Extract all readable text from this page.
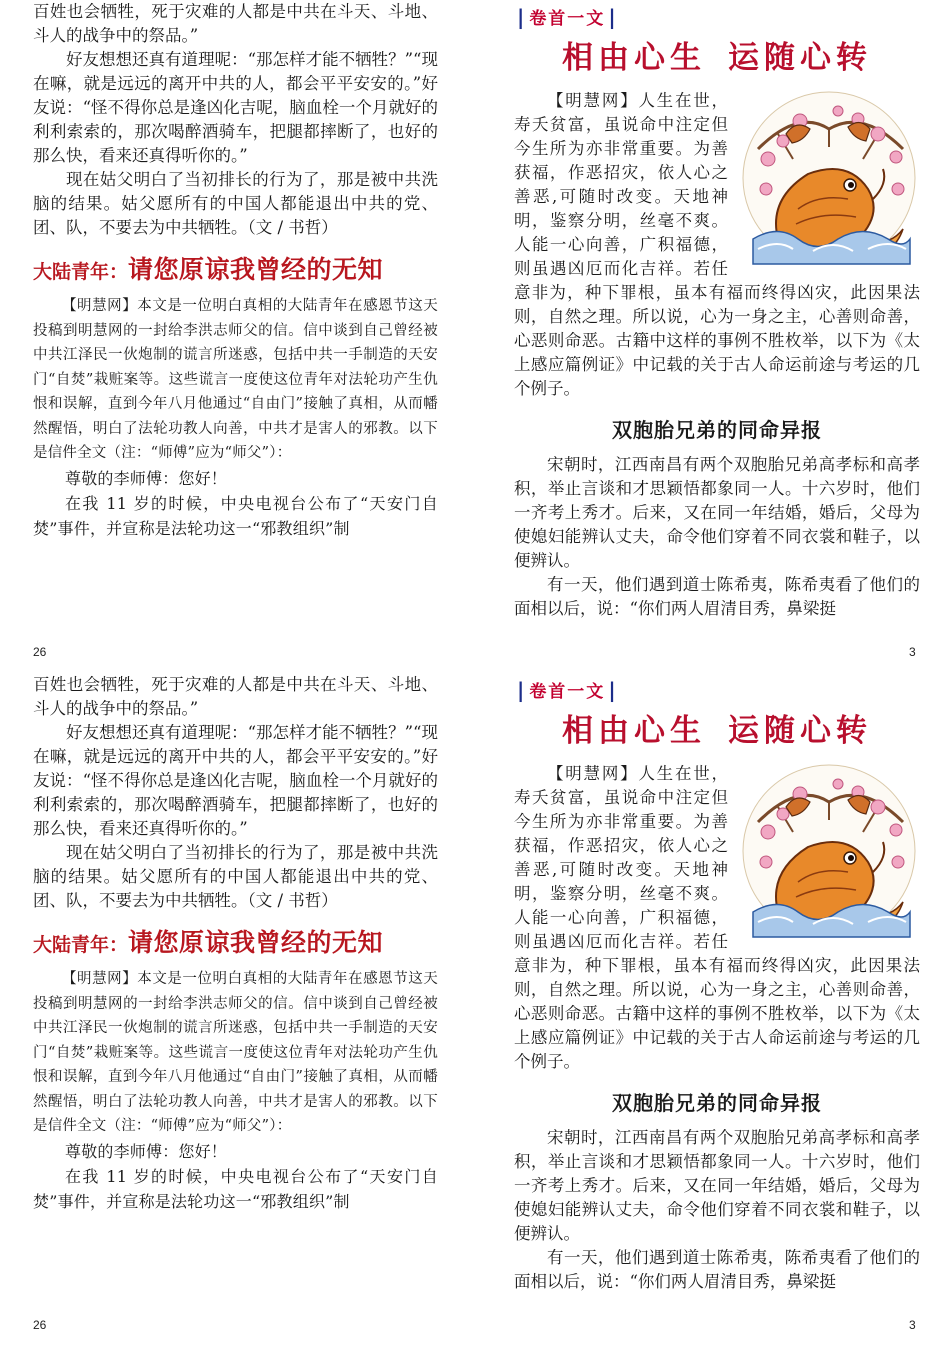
百姓也会牺牲，死于灾难的人都是中共在斗天、斗地、斗人的战争中的祭品。”

好友想想还真有道理呢：“那怎样才能不牺牲？”“现在嘛，就是远远的离开中共的人，都会平平安安的。”好友说：“怪不得你总是逢凶化吉呢，脑血栓一个月就好的利利索索的，那次喝醉酒骑车，把腿都摔断了，也好的那么快，看来还真得听你的。”

现在姑父明白了当初排长的行为了，那是被中共洗脑的结果。姑父愿所有的中国人都能退出中共的党、团、队，不要去为中共牺牲。（文 / 书哲）

大陆青年：请您原谅我曾经的无知

【明慧网】本文是一位明白真相的大陆青年在感恩节这天投稿到明慧网的一封给李洪志师父的信。信中谈到自己曾经被中共江泽民一伙炮制的谎言所迷惑，包括中共一手制造的天安门“自焚”栽赃案等。这些谎言一度使这位青年对法轮功产生仇恨和误解，直到今年八月他通过“自由门”接触了真相，从而幡然醒悟，明白了法轮功教人向善，中共才是害人的邪教。以下是信件全文（注：“师傅”应为“师父”）：

尊敬的李师傅：您好！

在我 11 岁的时候，中央电视台公布了“天安门自焚”事件，并宣称是法轮功这一“邪教组织”制

26
| 卷首一文 |
相由心生 运随心转

【明慧网】人生在世，寿夭贫富，虽说命中注定但今生所为亦非常重要。为善获福，作恶招灾，依人心之善恶,可随时改变。天地神明，鉴察分明，丝毫不爽。人能一心向善，广积福德，则虽遇凶厄而化吉祥。若任意非为，种下罪根，虽本有福而终得凶灾，此因果法则，自然之理。所以说，心为一身之主，心善则命善，心恶则命恶。古籍中这样的事例不胜枚举，以下为《太上感应篇例证》中记载的关于古人命运前途与考运的几个例子。

双胞胎兄弟的同命异报

宋朝时，江西南昌有两个双胞胎兄弟高孝标和高孝积，举止言谈和才思颖悟都象同一人。十六岁时，他们一齐考上秀才。后来，又在同一年结婚，婚后，父母为使媳妇能辨认丈夫，命令他们穿着不同衣裳和鞋子，以便辨认。

有一天，他们遇到道士陈希夷，陈希夷看了他们的面相以后，说：“你们两人眉清目秀，鼻梁挺

3

百姓也会牺牲，死于灾难的人都是中共在斗天、斗地、斗人的战争中的祭品。”

好友想想还真有道理呢：“那怎样才能不牺牲？”“现在嘛，就是远远的离开中共的人，都会平平安安的。”好友说：“怪不得你总是逢凶化吉呢，脑血栓一个月就好的利利索索的，那次喝醉酒骑车，把腿都摔断了，也好的那么快，看来还真得听你的。”

现在姑父明白了当初排长的行为了，那是被中共洗脑的结果。姑父愿所有的中国人都能退出中共的党、团、队，不要去为中共牺牲。（文 / 书哲）

大陆青年：请您原谅我曾经的无知

【明慧网】本文是一位明白真相的大陆青年在感恩节这天投稿到明慧网的一封给李洪志师父的信。信中谈到自己曾经被中共江泽民一伙炮制的谎言所迷惑，包括中共一手制造的天安门“自焚”栽赃案等。这些谎言一度使这位青年对法轮功产生仇恨和误解，直到今年八月他通过“自由门”接触了真相，从而幡然醒悟，明白了法轮功教人向善，中共才是害人的邪教。以下是信件全文（注：“师傅”应为“师父”）：

尊敬的李师傅：您好！

在我 11 岁的时候，中央电视台公布了“天安门自焚”事件，并宣称是法轮功这一“邪教组织”制

26
| 卷首一文 |
相由心生 运随心转

【明慧网】人生在世，寿夭贫富，虽说命中注定但今生所为亦非常重要。为善获福，作恶招灾，依人心之善恶,可随时改变。天地神明，鉴察分明，丝毫不爽。人能一心向善，广积福德，则虽遇凶厄而化吉祥。若任意非为，种下罪根，虽本有福而终得凶灾，此因果法则，自然之理。所以说，心为一身之主，心善则命善，心恶则命恶。古籍中这样的事例不胜枚举，以下为《太上感应篇例证》中记载的关于古人命运前途与考运的几个例子。

双胞胎兄弟的同命异报

宋朝时，江西南昌有两个双胞胎兄弟高孝标和高孝积，举止言谈和才思颖悟都象同一人。十六岁时，他们一齐考上秀才。后来，又在同一年结婚，婚后，父母为使媳妇能辨认丈夫，命令他们穿着不同衣裳和鞋子，以便辨认。

有一天，他们遇到道士陈希夷，陈希夷看了他们的面相以后，说：“你们两人眉清目秀，鼻梁挺

3
